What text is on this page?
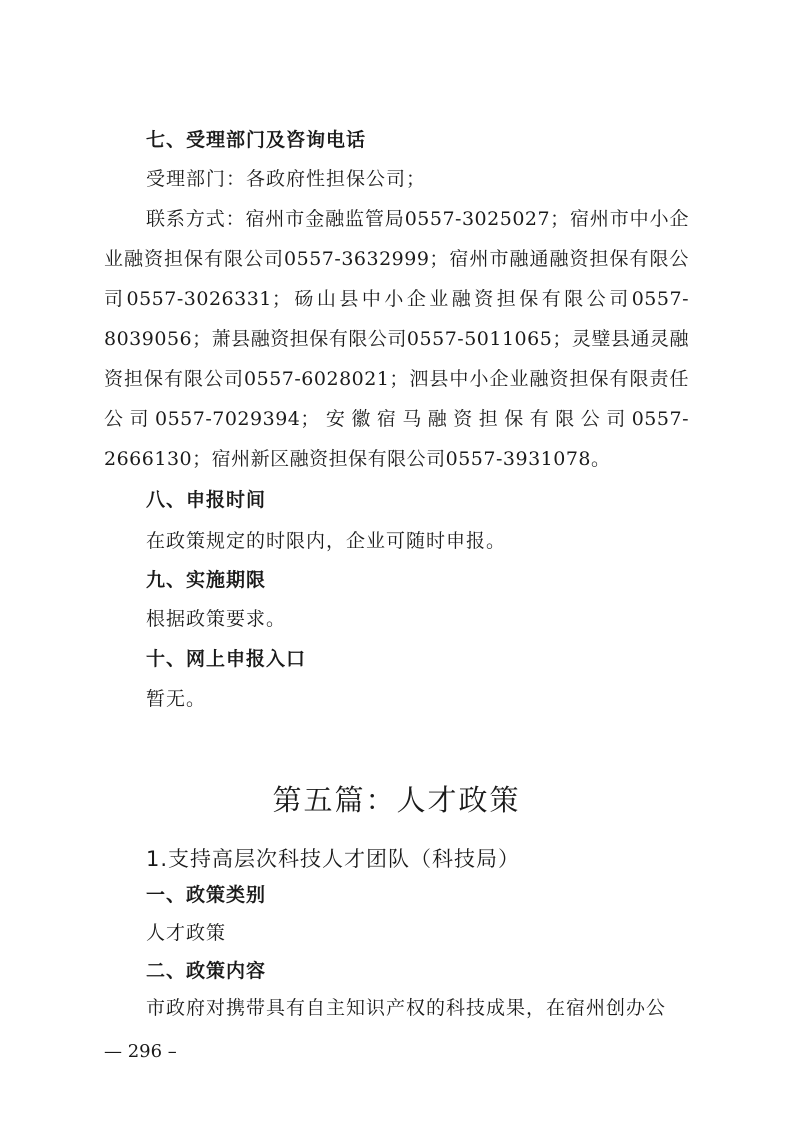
七、受理部门及咨询电话
受理部门：各政府性担保公司；
联系方式：宿州市金融监管局0557-3025027；宿州市中小企业融资担保有限公司0557-3632999；宿州市融通融资担保有限公司0557-3026331；砀山县中小企业融资担保有限公司0557-8039056；萧县融资担保有限公司0557-5011065；灵璧县通灵融资担保有限公司0557-6028021；泗县中小企业融资担保有限责任公司0557-7029394；安徽宿马融资担保有限公司0557-2666130；宿州新区融资担保有限公司0557-3931078。
八、申报时间
在政策规定的时限内，企业可随时申报。
九、实施期限
根据政策要求。
十、网上申报入口
暂无。
第五篇：人才政策
1.支持高层次科技人才团队（科技局）
一、政策类别
人才政策
二、政策内容
市政府对携带具有自主知识产权的科技成果，在宿州创办公
— 296 –
